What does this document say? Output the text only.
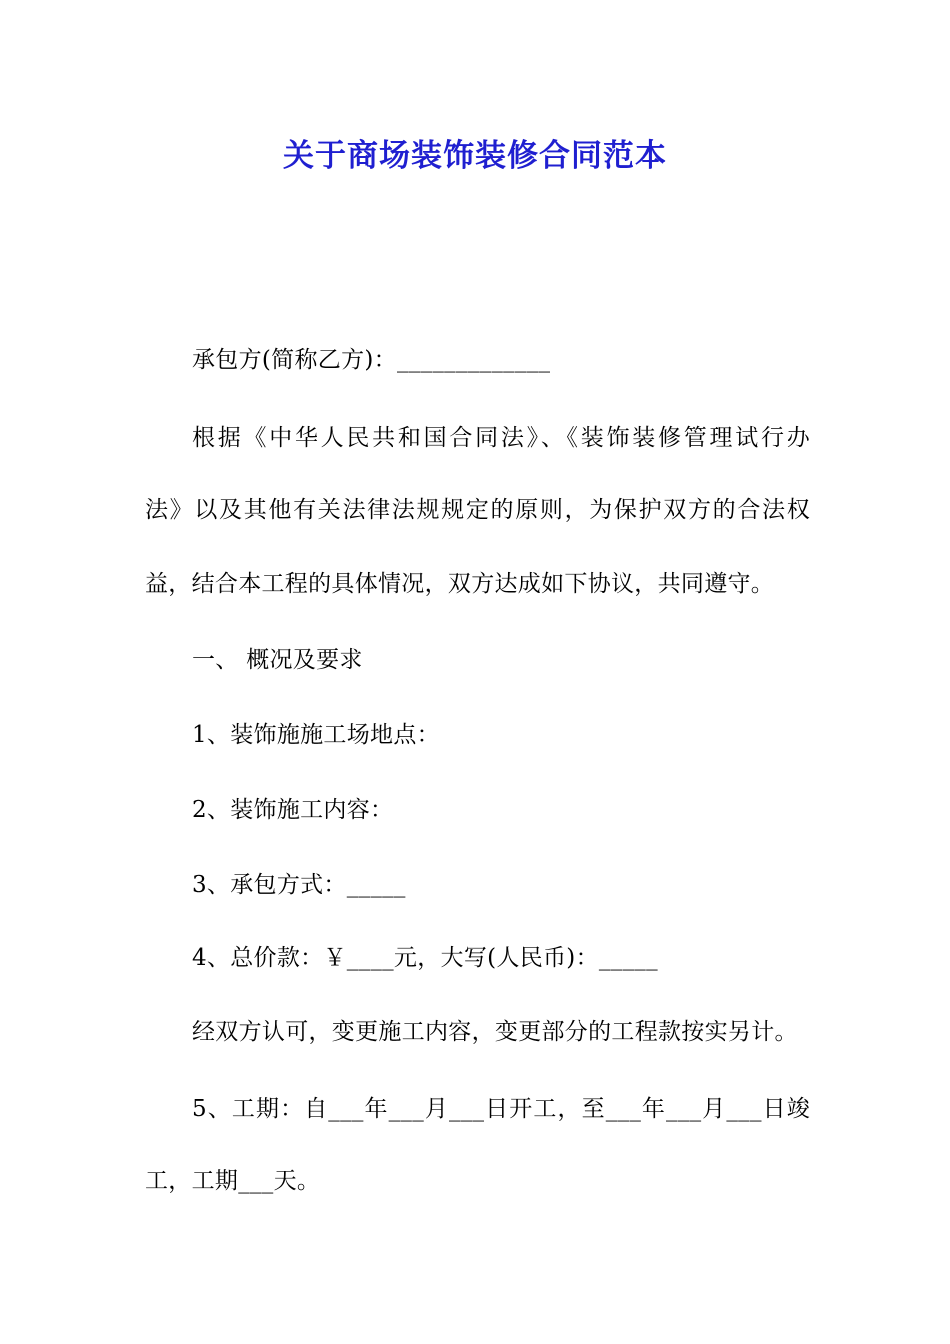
关于商场装饰装修合同范本
承包方(简称乙方)：_____________
根据《中华人民共和国合同法》、《装饰装修管理试行办
法》以及其他有关法律法规规定的原则，为保护双方的合法权
益，结合本工程的具体情况，双方达成如下协议，共同遵守。
一、 概况及要求
1、装饰施施工场地点：
2、装饰施工内容：
3、承包方式：_____
4、总价款：￥____元，大写(人民币)：_____
经双方认可，变更施工内容，变更部分的工程款按实另计。
5、工期：自___年___月___日开工，至___年___月___日竣
工，工期___天。
